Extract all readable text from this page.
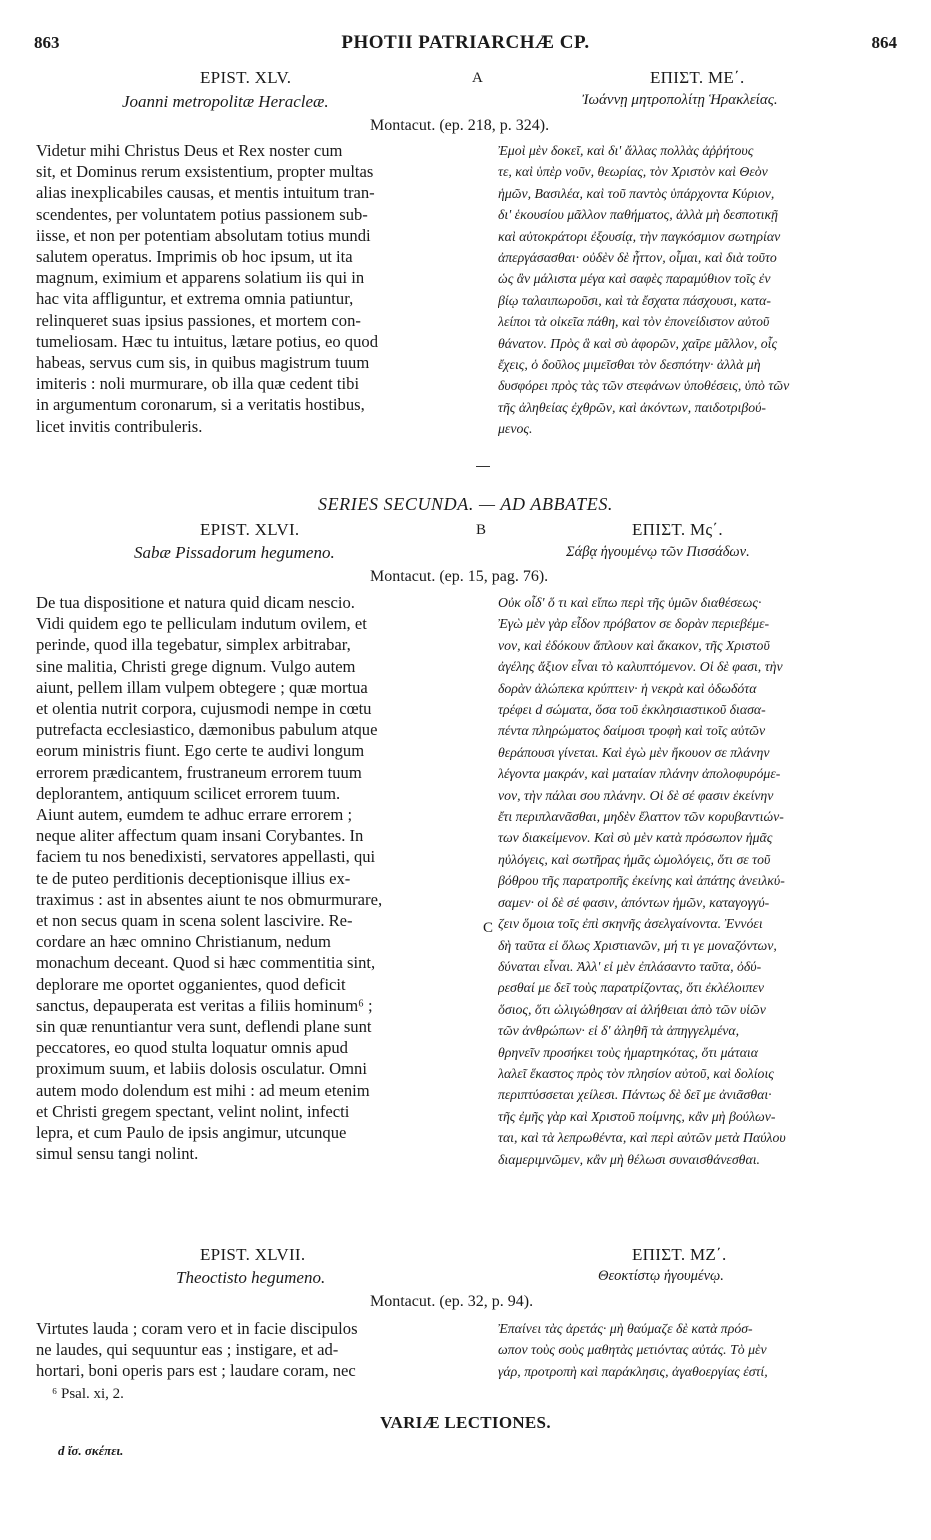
863	PHOTII PATRIARCHÆ CP.	864
EPIST. XLV.
Joanni metropolitæ Heracleæ.
A	ΕΠΙΣΤ. ΜΕ΄.
Ἰωάννῃ μητροπολίτῃ Ἡρακλείας.
Montacut. (ep. 218, p. 324).
Videtur mihi Christus Deus et Rex noster cum
sit, et Dominus rerum exsistentium, propter multas
alias inexplicabiles causas, et mentis intuitum tran-
scendentes, per voluntatem potius passionem sub-
iisse, et non per potentiam absolutam totius mundi
salutem operatus. Imprimis ob hoc ipsum, ut ita
magnum, eximium et apparens solatium iis qui in
hac vita affliguntur, et extrema omnia patiuntur,
relinqueret suas ipsius passiones, et mortem con-
tumeliosam. Hæc tu intuitus, lætare potius, eo quod
habeas, servus cum sis, in quibus magistrum tuum
imiteris : noli murmurare, ob illa quæ cedent tibi
in argumentum coronarum, si a veritatis hostibus,
licet invitis contribuleris.
Ἐμοὶ μὲν δοκεῖ, καὶ δι' ἄλλας πολλὰς ἀῤῥήτους
τε, καὶ ὑπὲρ νοῦν, θεωρίας, τὸν Χριστὸν καὶ Θεὸν
ἡμῶν, Βασιλέα, καὶ τοῦ παντὸς ὑπάρχοντα Κύριον,
δι' ἑκουσίου μᾶλλον παθήματος, ἀλλὰ μὴ δεσποτικῇ
καὶ αὐτοκράτορι ἐξουσίᾳ, τὴν παγκόσμιον σωτηρίαν
ἀπεργάσασθαι· οὐδὲν δὲ ἧττον, οἶμαι, καὶ διὰ τοῦτο
ὡς ἂν μάλιστα μέγα καὶ σαφὲς παραμύθιον τοῖς ἐν
βίῳ ταλαιπωροῦσι, καὶ τὰ ἔσχατα πάσχουσι, κατα-
λείποι τὰ οἰκεῖα πάθη, καὶ τὸν ἐπονείδιστον αὐτοῦ
θάνατον. Πρὸς ἃ καὶ σὺ ἀφορῶν, χαῖρε μᾶλλον, οἷς
ἔχεις, ὁ δοῦλος μιμεῖσθαι τὸν δεσπότην· ἀλλὰ μὴ
δυσφόρει πρὸς τὰς τῶν στεφάνων ὑποθέσεις, ὑπὸ τῶν
τῆς ἀληθείας ἐχθρῶν, καὶ ἀκόντων, παιδοτριβού-
μενος.
SERIES SECUNDA. — AD ABBATES.
EPIST. XLVI.
Sabæ Pissadorum hegumeno.
B	ΕΠΙΣΤ. Μς΄.
Σάβᾳ ἡγουμένῳ τῶν Πισσάδων.
Montacut. (ep. 15, pag. 76).
De tua dispositione et natura quid dicam nescio.
Vidi quidem ego te pelliculam indutum ovilem, et
perinde, quod illa tegebatur, simplex arbitrabar,
sine malitia, Christi grege dignum. Vulgo autem
aiunt, pellem illam vulpem obtegere ; quæ mortua
et olentia nutrit corpora, cujusmodi nempe in cœtu
putrefacta ecclesiastico, dæmonibus pabulum atque
eorum ministris fiunt. Ego certe te audivi longum
errorem prædicantem, frustraneum errorem tuum
deplorantem, antiquum scilicet errorem tuum.
Aiunt autem, eumdem te adhuc errare errorem ;
neque aliter affectum quam insani Corybantes. In
faciem tu nos benedixisti, servatores appellasti, qui
te de puteo perditionis deceptionisque illius ex-
traximus : ast in absentes aiunt te nos obmurmurare,
et non secus quam in scena solent lascivire. Re-
cordare an hæc omnino Christianum, nedum
monachum deceant. Quod si hæc commentitia sint,
deplorare me oportet ogganientes, quod deficit
sanctus, depauperata est veritas a filiis hominum⁶ ;
sin quæ renuntiantur vera sunt, deflendi plane sunt
peccatores, eo quod stulta loquatur omnis apud
proximum suum, et labiis dolosis osculatur. Omni
autem modo dolendum est mihi : ad meum etenim
et Christi gregem spectant, velint nolint, infecti
lepra, et cum Paulo de ipsis angimur, utcunque
simul sensu tangi nolint.
Οὐκ οἶδ' ὅ τι καὶ εἴπω περὶ τῆς ὑμῶν διαθέσεως·
Ἐγὼ μὲν γὰρ εἶδον πρόβατον σε δορὰν περιεβέμε-
νον, καὶ ἐδόκουν ἄπλουν καὶ ἄκακον, τῆς Χριστοῦ
ἀγέλης ἄξιον εἶναι τὸ καλυπτόμενον. Οἱ δὲ φασι, τὴν
δορὰν ἀλώπεκα κρύπτειν· ἡ νεκρὰ καὶ ὀδωδότα
τρέφει d σώματα, ὅσα τοῦ ἐκκλησιαστικοῦ διασα-
πέντα πληρώματος δαίμοσι τροφὴ καὶ τοῖς αὐτῶν
θεράπουσι γίνεται. Καὶ ἐγὼ μὲν ἤκουον σε πλάνην
λέγοντα μακράν, καὶ ματαίαν πλάνην ἀπολοφυρόμε-
νον, τὴν πάλαι σου πλάνην. Οἱ δὲ σέ φασιν ἐκείνην
ἔτι περιπλανᾶσθαι, μηδὲν ἔλαττον τῶν κορυβαντιών-
των διακείμενον. Καὶ σὺ μὲν κατὰ πρόσωπον ἡμᾶς
ηὐλόγεις, καὶ σωτῆρας ἡμᾶς ὡμολόγεις, ὅτι σε τοῦ
βόθρου τῆς παρατροπῆς ἐκείνης καὶ ἀπάτης ἀνειλκύ-
σαμεν· οἱ δὲ σέ φασιν, ἀπόντων ἡμῶν, καταγογγύ-
ζειν ὅμοια τοῖς ἐπὶ σκηνῆς ἀσελγαίνοντα. Ἐννόει
δὴ ταῦτα εἰ ὅλως Χριστιανῶν, μή τι γε μοναζόντων,
δύναται εἶναι. Ἀλλ' εἰ μὲν ἐπλάσαντο ταῦτα, ὀδύ-
ρεσθαί με δεῖ τοὺς παρατρίζοντας, ὅτι ἐκλέλοιπεν
ὅσιος, ὅτι ὠλιγώθησαν αἱ ἀλήθειαι ἀπὸ τῶν υἱῶν
τῶν ἀνθρώπων· εἰ δ' ἀληθῆ τὰ ἀπηγγελμένα,
θρηνεῖν προσήκει τοὺς ἡμαρτηκότας, ὅτι μάταια
λαλεῖ ἕκαστος πρὸς τὸν πλησίον αὐτοῦ, καὶ δολίοις
περιπτύσσεται χείλεσι. Πάντως δὲ δεῖ με ἀνιᾶσθαι·
τῆς ἐμῆς γὰρ καὶ Χριστοῦ ποίμνης, κἂν μὴ βούλων-
ται, καὶ τὰ λεπρωθέντα, καὶ περὶ αὐτῶν μετὰ Παύλου
διαμεριμνῶμεν, κἂν μὴ θέλωσι συναισθάνεσθαι.
C
EPIST. XLVII.
Theoctisto hegumeno.
ΕΠΙΣΤ. ΜΖ΄.
Θεοκτίστῳ ἡγουμένῳ.
Montacut. (ep. 32, p. 94).
Virtutes lauda ; coram vero et in facie discipulos
ne laudes, qui sequuntur eas ; instigare, et ad-
hortari, boni operis pars est ; laudare coram, nec
Ἐπαίνει τὰς ἀρετάς· μὴ θαύμαζε δὲ κατὰ πρόσ-
ωπον τοὺς σοὺς μαθητὰς μετιόντας αὐτάς. Τὸ μὲν
γάρ, προτροπὴ καὶ παράκλησις, ἀγαθοεργίας ἐστί,
⁶ Psal. xi, 2.
VARIÆ LECTIONES.
d ἴσ. σκέπει.
